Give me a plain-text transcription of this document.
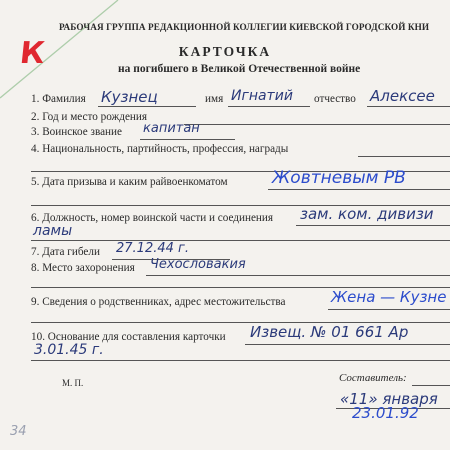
К
РАБОЧАЯ ГРУППА РЕДАКЦИОННОЙ КОЛЛЕГИИ КИЕВСКОЙ ГОРОДСКОЙ КНИ
КАРТОЧКА
на погибшего в Великой Отечественной войне
1. Фамилия Кузнец	имя Игнатий отчество Алексее
2. Год и место рождения
3. Воинское звание капитан
4. Национальность, партийность, профессия, награды
5. Дата призыва и каким райвоенкоматом	Жовтневым РВ
6. Должность, номер воинской части и соединения зам. ком. дивизи
ламы
7. Дата гибели 27.12.44 г.
8. Место захоронения Чехословакия
9. Сведения о родственниках, адрес местожительства	Жена — Кузне
10. Основание для составления карточки Извещ. № 01 661 Ар
3.01.45 г.
М. П.	Составитель:
«11» января
23.01.92
34
